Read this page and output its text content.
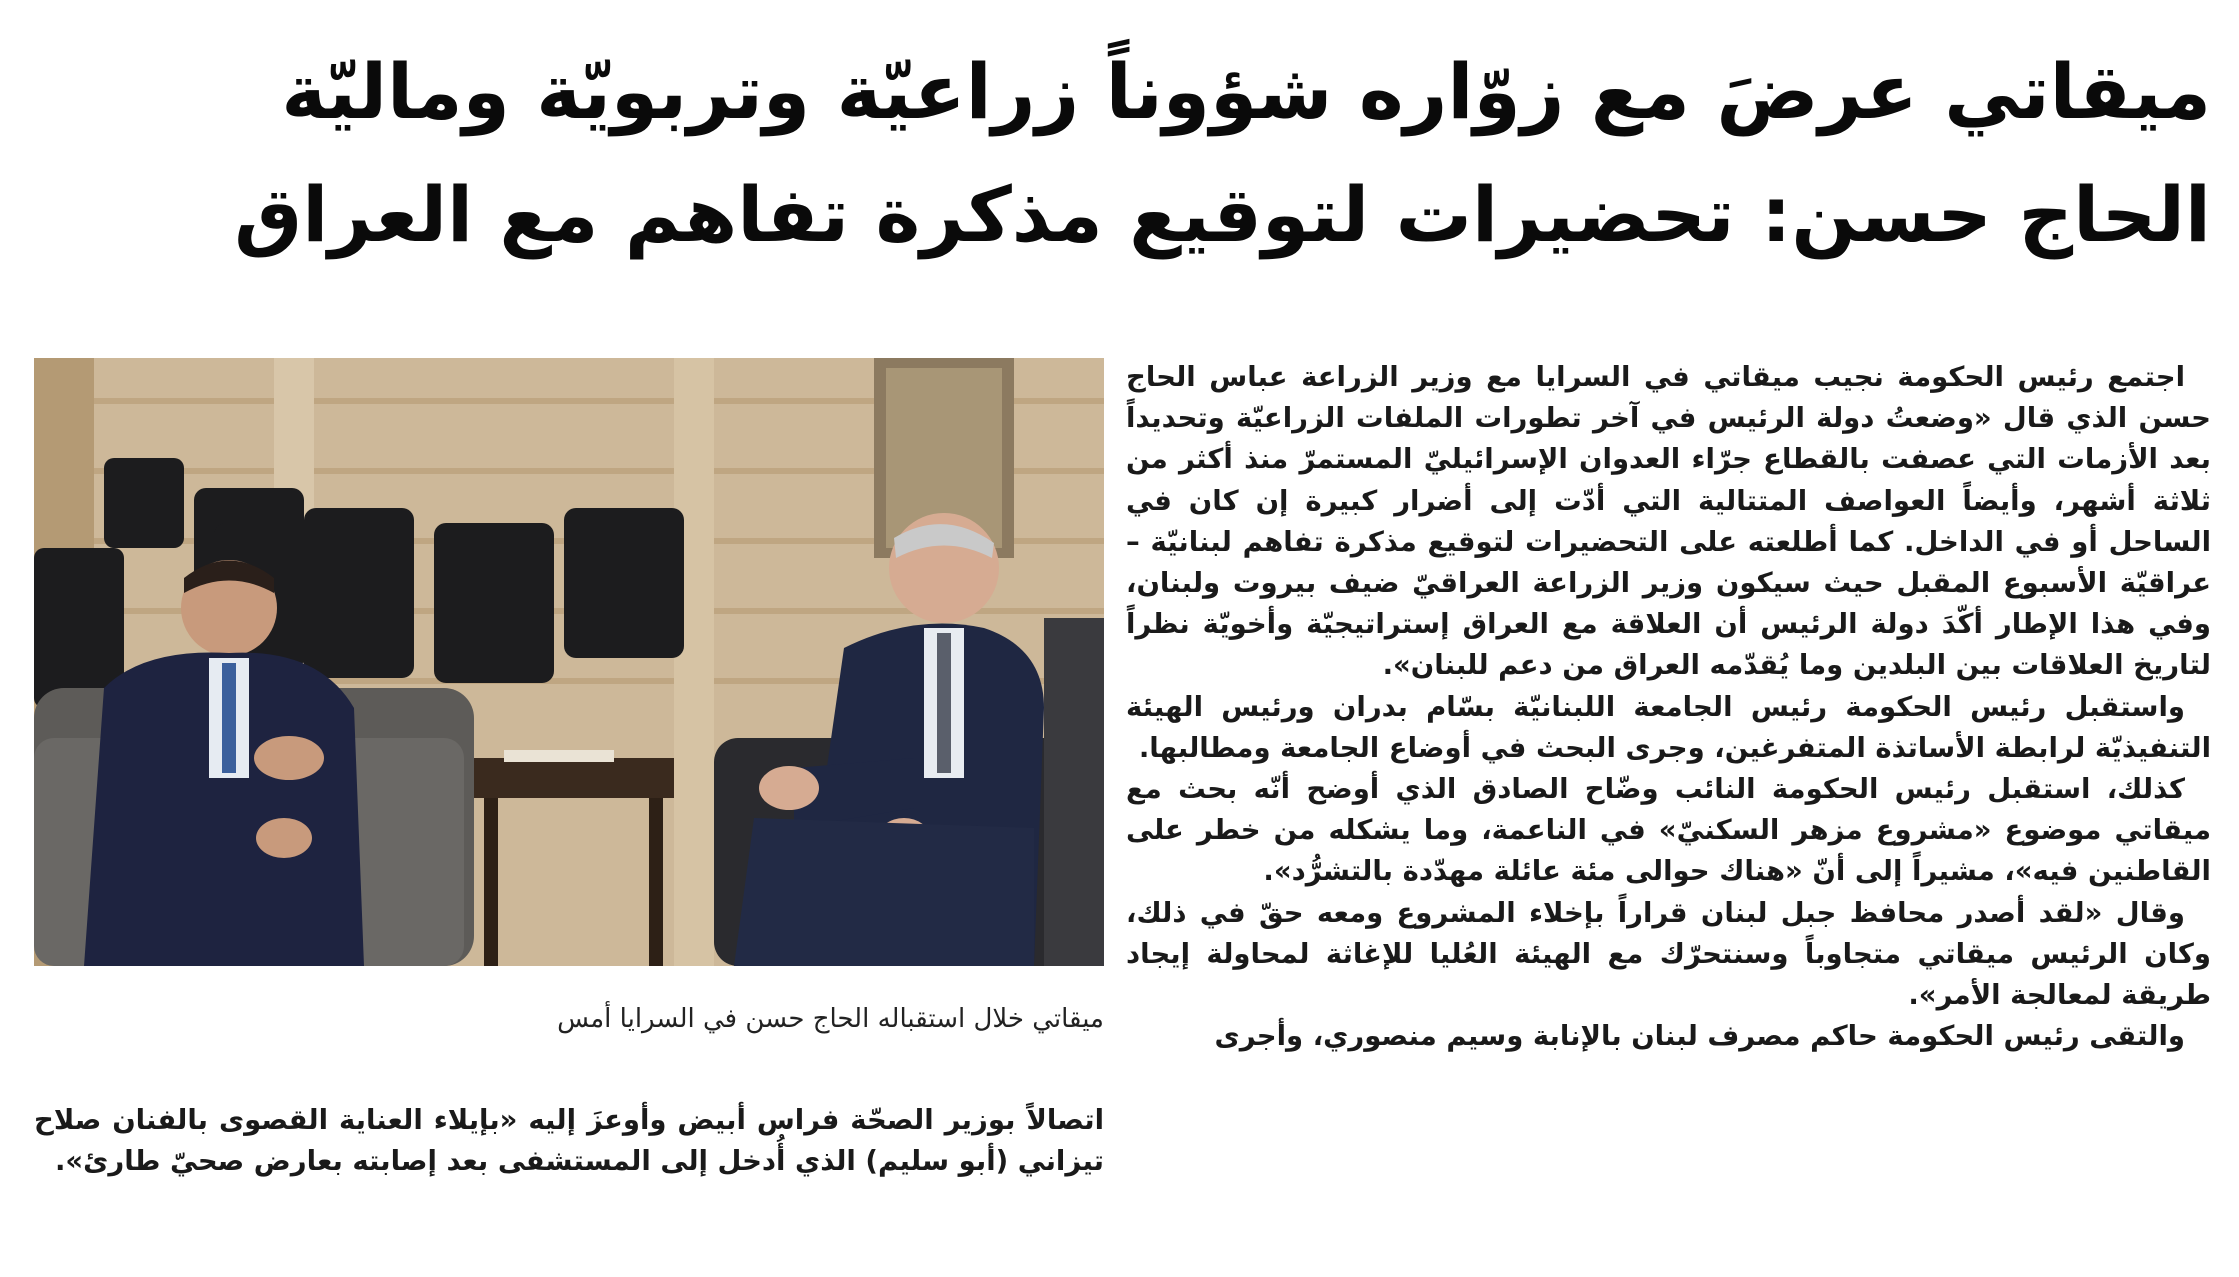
ميقاتي عرضَ مع زوّاره شؤوناً زراعيّة وتربويّة وماليّة
الحاج حسن: تحضيرات لتوقيع مذكرة تفاهم مع العراق

اجتمع رئيس الحكومة نجيب ميقاتي في السرايا مع وزير الزراعة عباس الحاج حسن الذي قال «وضعتُ دولة الرئيس في آخر تطورات الملفات الزراعيّة وتحديداً بعد الأزمات التي عصفت بالقطاع جرّاء العدوان الإسرائيليّ المستمرّ منذ أكثر من ثلاثة أشهر، وأيضاً العواصف المتتالية التي أدّت إلى أضرار كبيرة إن كان في الساحل أو في الداخل. كما أطلعته على التحضيرات لتوقيع مذكرة تفاهم لبنانيّة – عراقيّة الأسبوع المقبل حيث سيكون وزير الزراعة العراقيّ ضيف بيروت ولبنان، وفي هذا الإطار أكّدَ دولة الرئيس أن العلاقة مع العراق إستراتيجيّة وأخويّة نظراً لتاريخ العلاقات بين البلدين وما يُقدّمه العراق من دعم للبنان».

واستقبل رئيس الحكومة رئيس الجامعة اللبنانيّة بسّام بدران ورئيس الهيئة التنفيذيّة لرابطة الأساتذة المتفرغين، وجرى البحث في أوضاع الجامعة ومطالبها.

كذلك، استقبل رئيس الحكومة النائب وضّاح الصادق الذي أوضح أنّه بحث مع ميقاتي موضوع «مشروع مزهر السكنيّ» في الناعمة، وما يشكله من خطر على القاطنين فيه»، مشيراً إلى أنّ «هناك حوالى مئة عائلة مهدّدة بالتشرُّد».

وقال «لقد أصدر محافظ جبل لبنان قراراً بإخلاء المشروع ومعه حقّ في ذلك، وكان الرئيس ميقاتي متجاوباً وسنتحرّك مع الهيئة العُليا للإغاثة لمحاولة إيجاد طريقة لمعالجة الأمر».

والتقى رئيس الحكومة حاكم مصرف لبنان بالإنابة وسيم منصوري، وأجرى

ميقاتي خلال استقباله الحاج حسن في السرايا أمس

اتصالاً بوزير الصحّة فراس أبيض وأوعزَ إليه «بإيلاء العناية القصوى بالفنان صلاح تيزاني (أبو سليم) الذي أُدخل إلى المستشفى بعد إصابته بعارض صحيّ طارئ».
